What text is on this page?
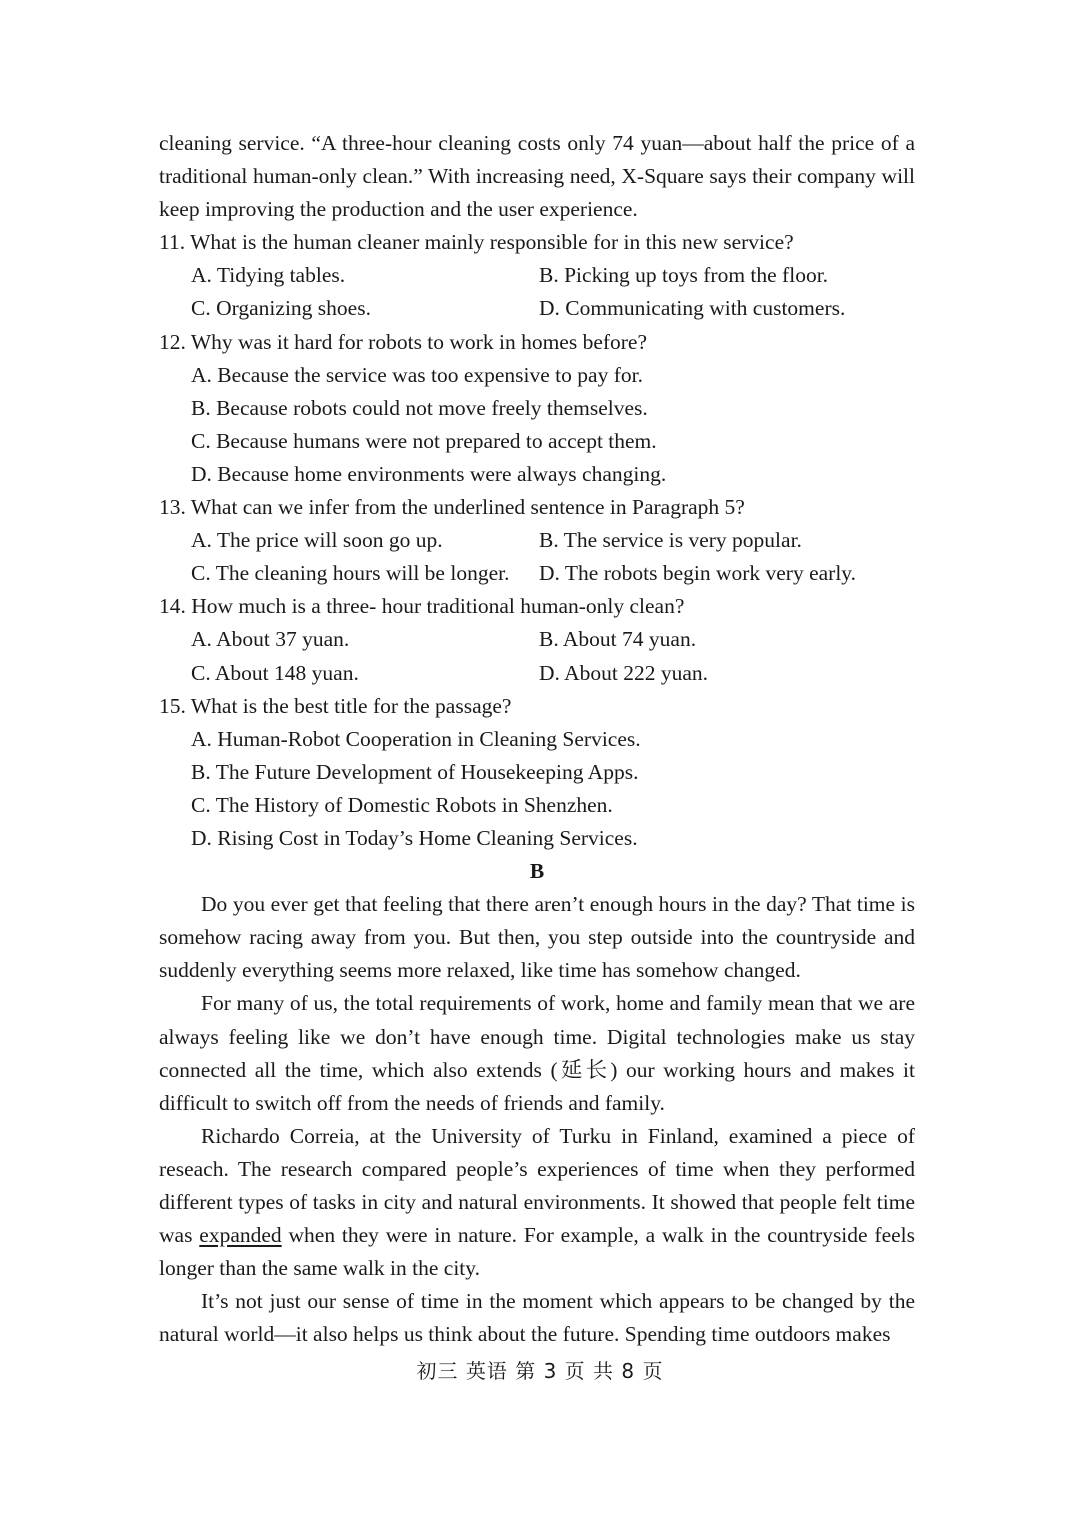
cleaning service. “A three-hour cleaning costs only 74 yuan—about half the price of a traditional human-only clean.” With increasing need, X-Square says their company will keep improving the production and the user experience.

11. What is the human cleaner mainly responsible for in this new service?

A. Tidying tables.	B. Picking up toys from the floor.
C. Organizing shoes.	D. Communicating with customers.

12. Why was it hard for robots to work in homes before?

A. Because the service was too expensive to pay for.
B. Because robots could not move freely themselves.
C. Because humans were not prepared to accept them.
D. Because home environments were always changing.

13. What can we infer from the underlined sentence in Paragraph 5?

A. The price will soon go up.	B. The service is very popular.
C. The cleaning hours will be longer.	D. The robots begin work very early.

14. How much is a three- hour traditional human-only clean?

A. About 37 yuan.	B. About 74 yuan.
C. About 148 yuan.	D. About 222 yuan.

15. What is the best title for the passage?

A. Human-Robot Cooperation in Cleaning Services.
B. The Future Development of Housekeeping Apps.
C. The History of Domestic Robots in Shenzhen.
D. Rising Cost in Today’s Home Cleaning Services.

B

Do you ever get that feeling that there aren’t enough hours in the day? That time is somehow racing away from you. But then, you step outside into the countryside and suddenly everything seems more relaxed, like time has somehow changed.

For many of us, the total requirements of work, home and family mean that we are always feeling like we don’t have enough time. Digital technologies make us stay connected all the time, which also extends (延长) our working hours and makes it difficult to switch off from the needs of friends and family.

Richardo Correia, at the University of Turku in Finland, examined a piece of reseach. The research compared people’s experiences of time when they performed different types of tasks in city and natural environments. It showed that people felt time was expanded when they were in nature. For example, a walk in the countryside feels longer than the same walk in the city.

It’s not just our sense of time in the moment which appears to be changed by the natural world—it also helps us think about the future. Spending time outdoors makes

初三 英语 第 3 页 共 8 页
